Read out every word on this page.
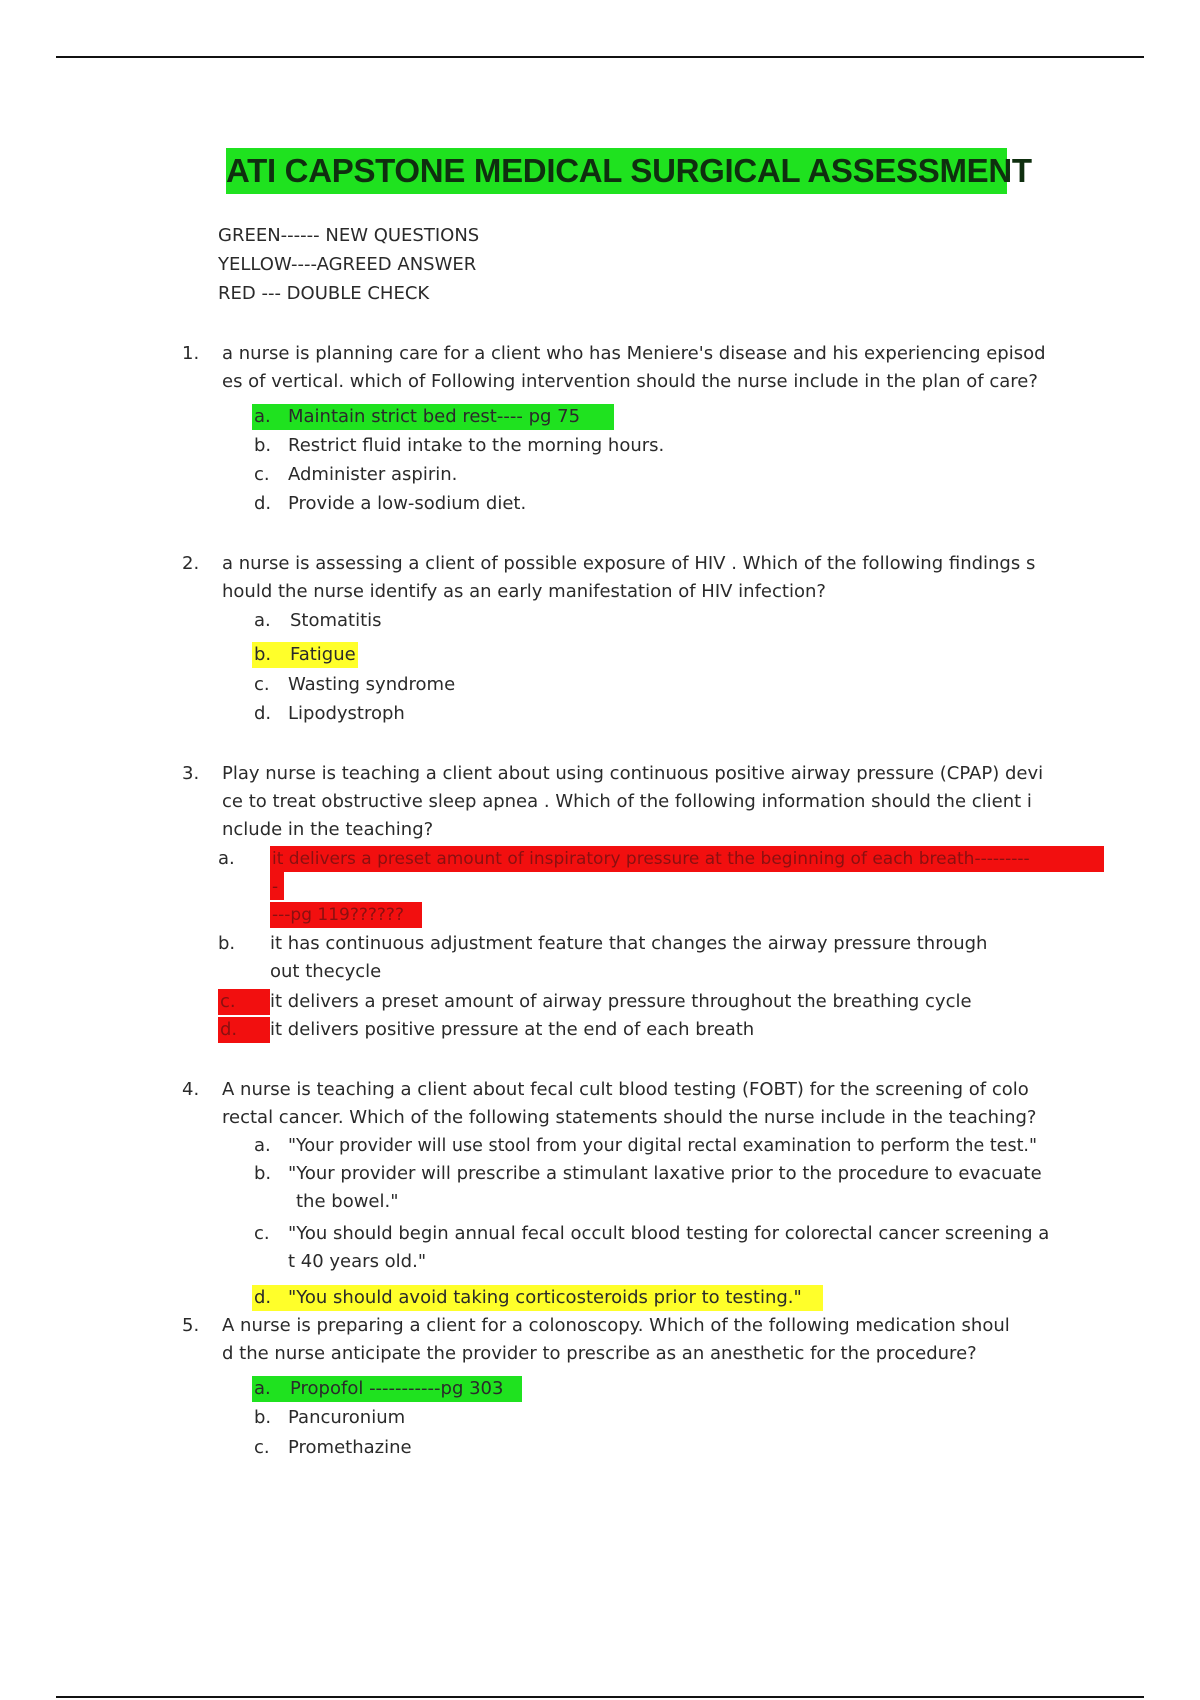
ATI CAPSTONE MEDICAL SURGICAL ASSESSMENT
GREEN------ NEW QUESTIONS
YELLOW----AGREED ANSWER
RED --- DOUBLE CHECK
1. a nurse is planning care for a client who has Meniere's disease and his experiencing episod
es of vertical. which of Following intervention should the nurse include in the plan of care?
a. Maintain strict bed rest---- pg 75
b. Restrict fluid intake to the morning hours.
c. Administer aspirin.
d. Provide a low-sodium diet.
2. a nurse is assessing a client of possible exposure of HIV . Which of the following findings s
hould the nurse identify as an early manifestation of HIV infection?
a. Stomatitis
b. Fatigue
c. Wasting syndrome
d. Lipodystroph
3. Play nurse is teaching a client about using continuous positive airway pressure (CPAP) devi
ce to treat obstructive sleep apnea . Which of the following information should the client i
nclude in the teaching?
a. it delivers a preset amount of inspiratory pressure at the beginning of each breath---------
-
---pg 119??????
b. it has continuous adjustment feature that changes the airway pressure through
out thecycle
c. it delivers a preset amount of airway pressure throughout the breathing cycle
d. it delivers positive pressure at the end of each breath
4. A nurse is teaching a client about fecal cult blood testing (FOBT) for the screening of colo
rectal cancer. Which of the following statements should the nurse include in the teaching?
a. "Your provider will use stool from your digital rectal examination to perform the test."
b. "Your provider will prescribe a stimulant laxative prior to the procedure to evacuate
the bowel."
c. "You should begin annual fecal occult blood testing for colorectal cancer screening a
t 40 years old."
d. "You should avoid taking corticosteroids prior to testing."
5. A nurse is preparing a client for a colonoscopy. Which of the following medication shoul
d the nurse anticipate the provider to prescribe as an anesthetic for the procedure?
a. Propofol -----------pg 303
b. Pancuronium
c. Promethazine
